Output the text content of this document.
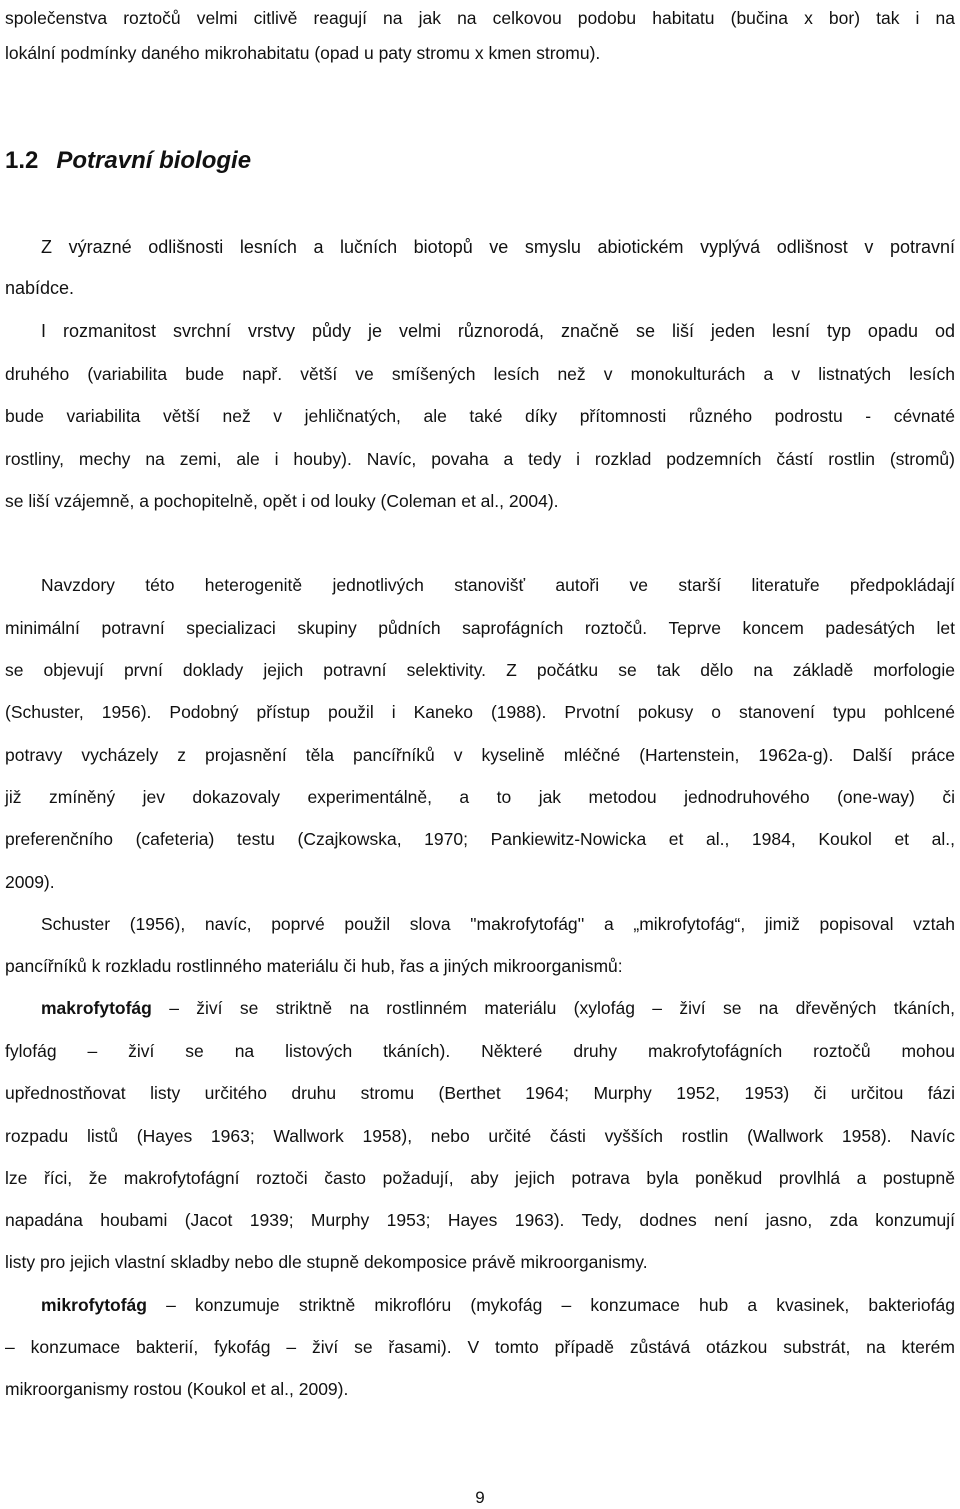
společenstva roztočů velmi citlivě reagují na jak na celkovou podobu habitatu (bučina x bor) tak i na

lokální podmínky daného mikrohabitatu (opad u paty stromu x kmen stromu).

1.2 Potravní biologie

Z výrazné odlišnosti lesních a lučních biotopů ve smyslu abiotickém vyplývá odlišnost v potravní

nabídce.

I rozmanitost svrchní vrstvy půdy je velmi různorodá, značně se liší jeden lesní typ opadu od

druhého (variabilita bude např. větší ve smíšených lesích než v monokulturách a v listnatých lesích

bude variabilita větší než v jehličnatých, ale také díky přítomnosti různého podrostu - cévnaté

rostliny, mechy na zemi, ale i houby). Navíc, povaha a tedy i rozklad podzemních částí rostlin (stromů)

se liší vzájemně, a pochopitelně, opět i od louky (Coleman et al., 2004).

Navzdory této heterogenitě jednotlivých stanovišť autoři ve starší literatuře předpokládají

minimální potravní specializaci skupiny půdních saprofágních roztočů. Teprve koncem padesátých let

se objevují první doklady jejich potravní selektivity. Z počátku se tak dělo na základě morfologie

(Schuster, 1956). Podobný přístup použil i Kaneko (1988). Prvotní pokusy o stanovení typu pohlcené

potravy vycházely z projasnění těla pancířníků v kyselině mléčné (Hartenstein, 1962a-g). Další práce

již zmíněný jev dokazovaly experimentálně, a to jak metodou jednodruhového (one-way) či

preferenčního (cafeteria) testu (Czajkowska, 1970; Pankiewitz-Nowicka et al., 1984, Koukol et al.,

2009).

Schuster (1956), navíc, poprvé použil slova "makrofytofág'' a „mikrofytofág“, jimiž popisoval vztah

pancířníků k rozkladu rostlinného materiálu či hub, řas a jiných mikroorganismů:

makrofytofág – živí se striktně na rostlinném materiálu (xylofág – živí se na dřevěných tkáních,

fylofág – živí se na listových tkáních). Některé druhy makrofytofágních roztočů mohou

upřednostňovat listy určitého druhu stromu (Berthet 1964; Murphy 1952, 1953) či určitou fázi

rozpadu listů (Hayes 1963; Wallwork 1958), nebo určité části vyšších rostlin (Wallwork 1958). Navíc

lze říci, že makrofytofágní roztoči často požadují, aby jejich potrava byla poněkud provlhlá a postupně

napadána houbami (Jacot 1939; Murphy 1953; Hayes 1963). Tedy, dodnes není jasno, zda konzumují

listy pro jejich vlastní skladby nebo dle stupně dekomposice právě mikroorganismy.

mikrofytofág – konzumuje striktně mikroflóru (mykofág – konzumace hub a kvasinek, bakteriofág

– konzumace bakterií, fykofág – živí se řasami). V tomto případě zůstává otázkou substrát, na kterém

mikroorganismy rostou (Koukol et al., 2009).

9
